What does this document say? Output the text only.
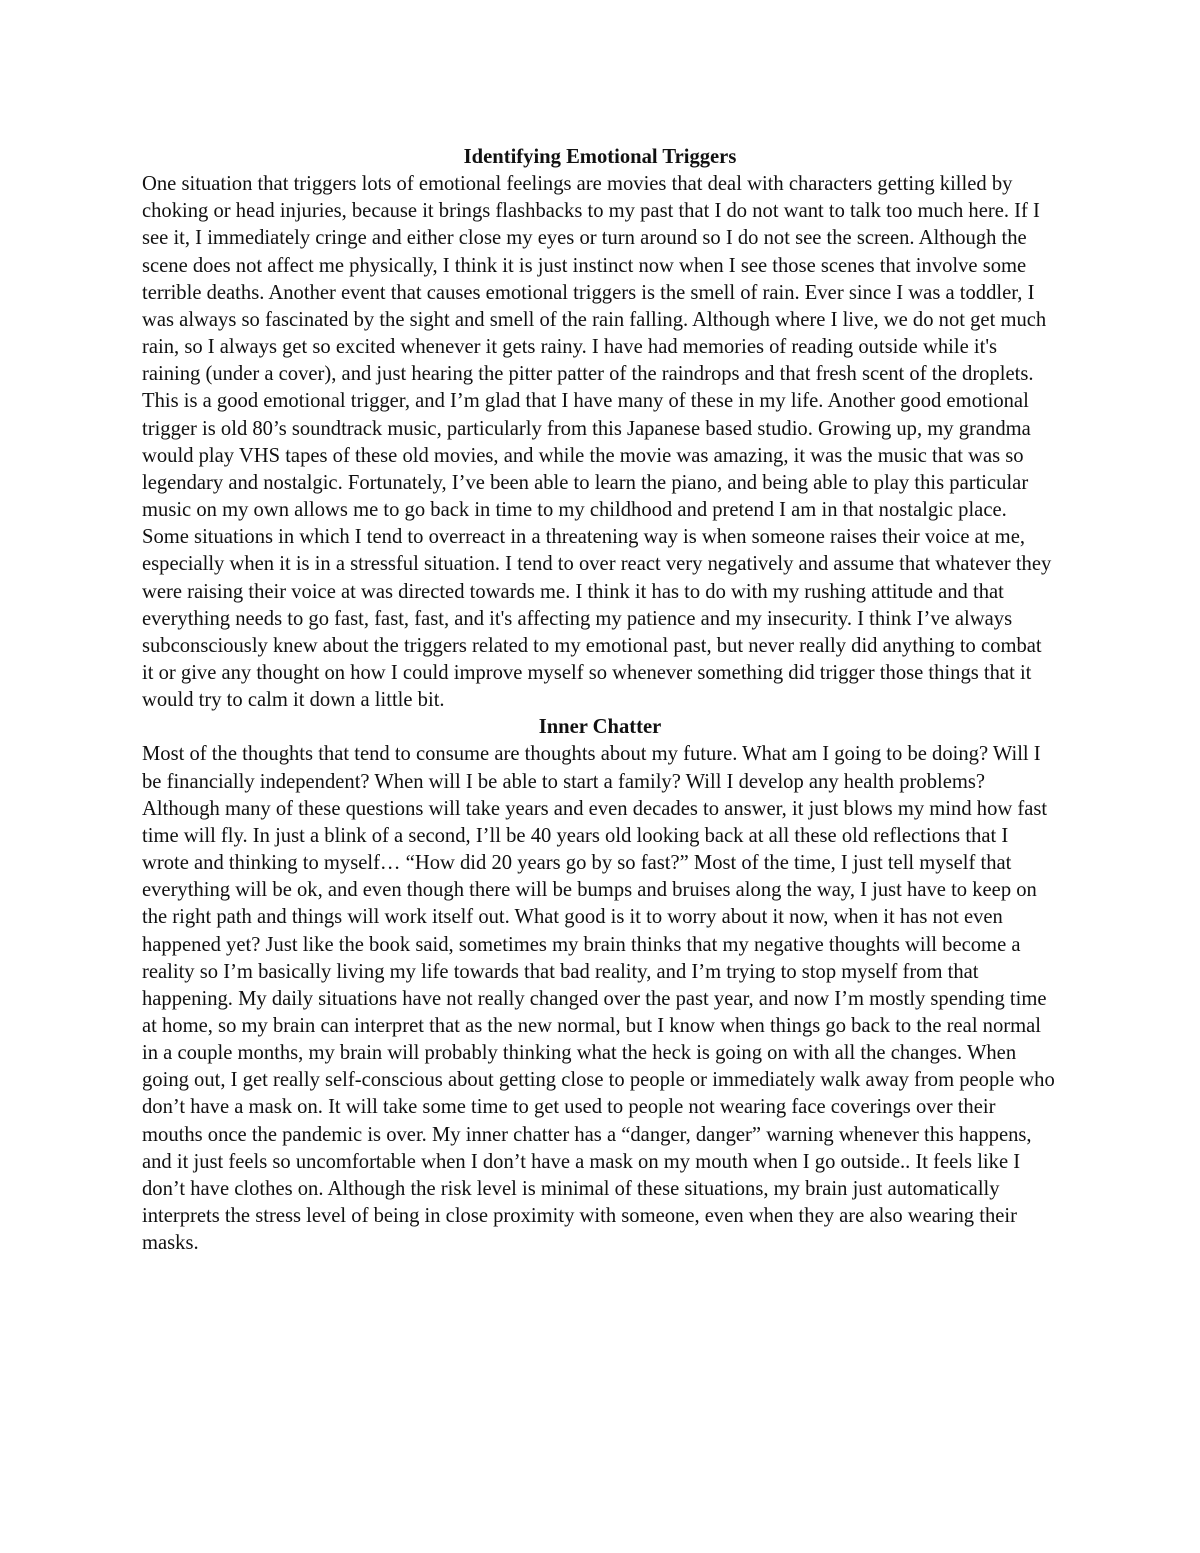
Identifying Emotional Triggers

One situation that triggers lots of emotional feelings are movies that deal with characters getting killed by choking or head injuries, because it brings flashbacks to my past that I do not want to talk too much here. If I see it, I immediately cringe and either close my eyes or turn around so I do not see the screen. Although the scene does not affect me physically, I think it is just instinct now when I see those scenes that involve some terrible deaths. Another event that causes emotional triggers is the smell of rain. Ever since I was a toddler, I was always so fascinated by the sight and smell of the rain falling. Although where I live, we do not get much rain, so I always get so excited whenever it gets rainy. I have had memories of reading outside while it's raining (under a cover), and just hearing the pitter patter of the raindrops and that fresh scent of the droplets. This is a good emotional trigger, and I’m glad that I have many of these in my life. Another good emotional trigger is old 80’s soundtrack music, particularly from this Japanese based studio. Growing up, my grandma would play VHS tapes of these old movies, and while the movie was amazing, it was the music that was so legendary and nostalgic. Fortunately, I’ve been able to learn the piano, and being able to play this particular music on my own allows me to go back in time to my childhood and pretend I am in that nostalgic place. Some situations in which I tend to overreact in a threatening way is when someone raises their voice at me, especially when it is in a stressful situation. I tend to over react very negatively and assume that whatever they were raising their voice at was directed towards me. I think it has to do with my rushing attitude and that everything needs to go fast, fast, fast, and it's affecting my patience and my insecurity. I think I’ve always subconsciously knew about the triggers related to my emotional past, but never really did anything to combat it or give any thought on how I could improve myself so whenever something did trigger those things that it would try to calm it down a little bit.

Inner Chatter

Most of the thoughts that tend to consume are thoughts about my future. What am I going to be doing? Will I be financially independent? When will I be able to start a family? Will I develop any health problems? Although many of these questions will take years and even decades to answer, it just blows my mind how fast time will fly. In just a blink of a second, I’ll be 40 years old looking back at all these old reflections that I wrote and thinking to myself… “How did 20 years go by so fast?” Most of the time, I just tell myself that everything will be ok, and even though there will be bumps and bruises along the way, I just have to keep on the right path and things will work itself out. What good is it to worry about it now, when it has not even happened yet? Just like the book said, sometimes my brain thinks that my negative thoughts will become a reality so I’m basically living my life towards that bad reality, and I’m trying to stop myself from that happening. My daily situations have not really changed over the past year, and now I’m mostly spending time at home, so my brain can interpret that as the new normal, but I know when things go back to the real normal in a couple months, my brain will probably thinking what the heck is going on with all the changes. When going out, I get really self-conscious about getting close to people or immediately walk away from people who don’t have a mask on. It will take some time to get used to people not wearing face coverings over their mouths once the pandemic is over. My inner chatter has a “danger, danger” warning whenever this happens, and it just feels so uncomfortable when I don’t have a mask on my mouth when I go outside.. It feels like I don’t have clothes on. Although the risk level is minimal of these situations, my brain just automatically interprets the stress level of being in close proximity with someone, even when they are also wearing their masks.
